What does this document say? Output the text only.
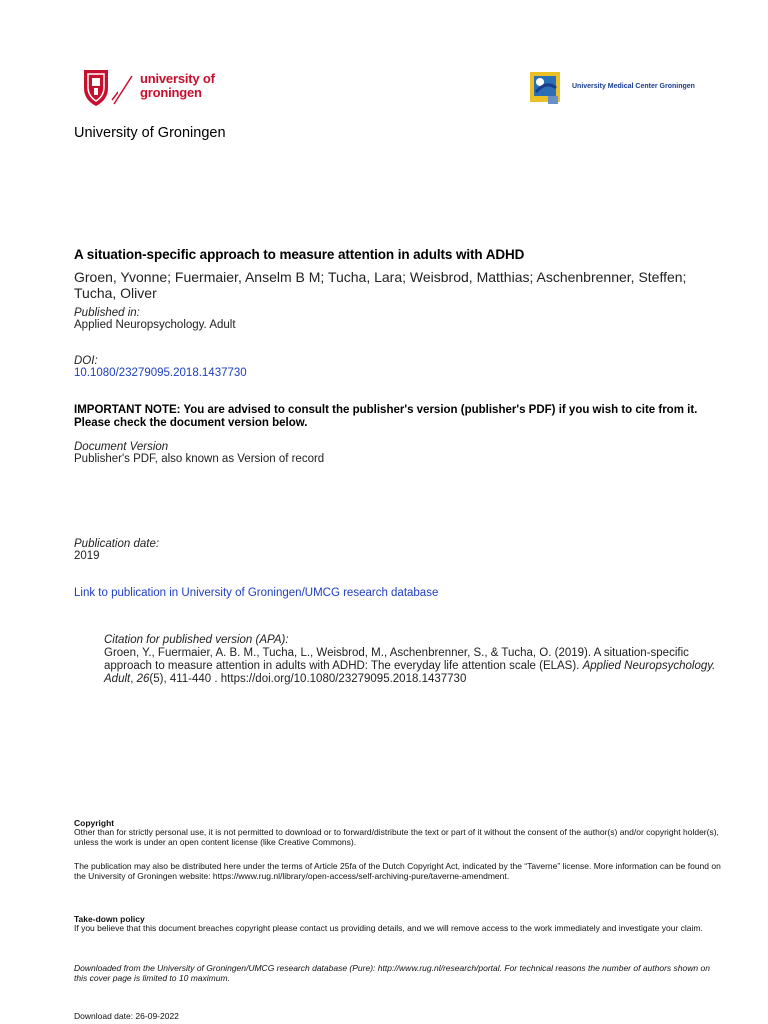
university of
groningen	University Medical Center Groningen
University of Groningen
A situation-specific approach to measure attention in adults with ADHD
Groen, Yvonne; Fuermaier, Anselm B M; Tucha, Lara; Weisbrod, Matthias; Aschenbrenner, Steffen; Tucha, Oliver
Published in:
Applied Neuropsychology. Adult
DOI:
10.1080/23279095.2018.1437730
IMPORTANT NOTE: You are advised to consult the publisher's version (publisher's PDF) if you wish to cite from it. Please check the document version below.
Document Version
Publisher's PDF, also known as Version of record
Publication date:
2019
Link to publication in University of Groningen/UMCG research database
Citation for published version (APA):
Groen, Y., Fuermaier, A. B. M., Tucha, L., Weisbrod, M., Aschenbrenner, S., & Tucha, O. (2019). A situation-specific approach to measure attention in adults with ADHD: The everyday life attention scale (ELAS). Applied Neuropsychology. Adult, 26(5), 411-440 . https://doi.org/10.1080/23279095.2018.1437730
Copyright
Other than for strictly personal use, it is not permitted to download or to forward/distribute the text or part of it without the consent of the author(s) and/or copyright holder(s), unless the work is under an open content license (like Creative Commons).
The publication may also be distributed here under the terms of Article 25fa of the Dutch Copyright Act, indicated by the “Taverne” license. More information can be found on the University of Groningen website: https://www.rug.nl/library/open-access/self-archiving-pure/taverne-amendment.
Take-down policy
If you believe that this document breaches copyright please contact us providing details, and we will remove access to the work immediately and investigate your claim.
Downloaded from the University of Groningen/UMCG research database (Pure): http://www.rug.nl/research/portal. For technical reasons the number of authors shown on this cover page is limited to 10 maximum.
Download date: 26-09-2022
